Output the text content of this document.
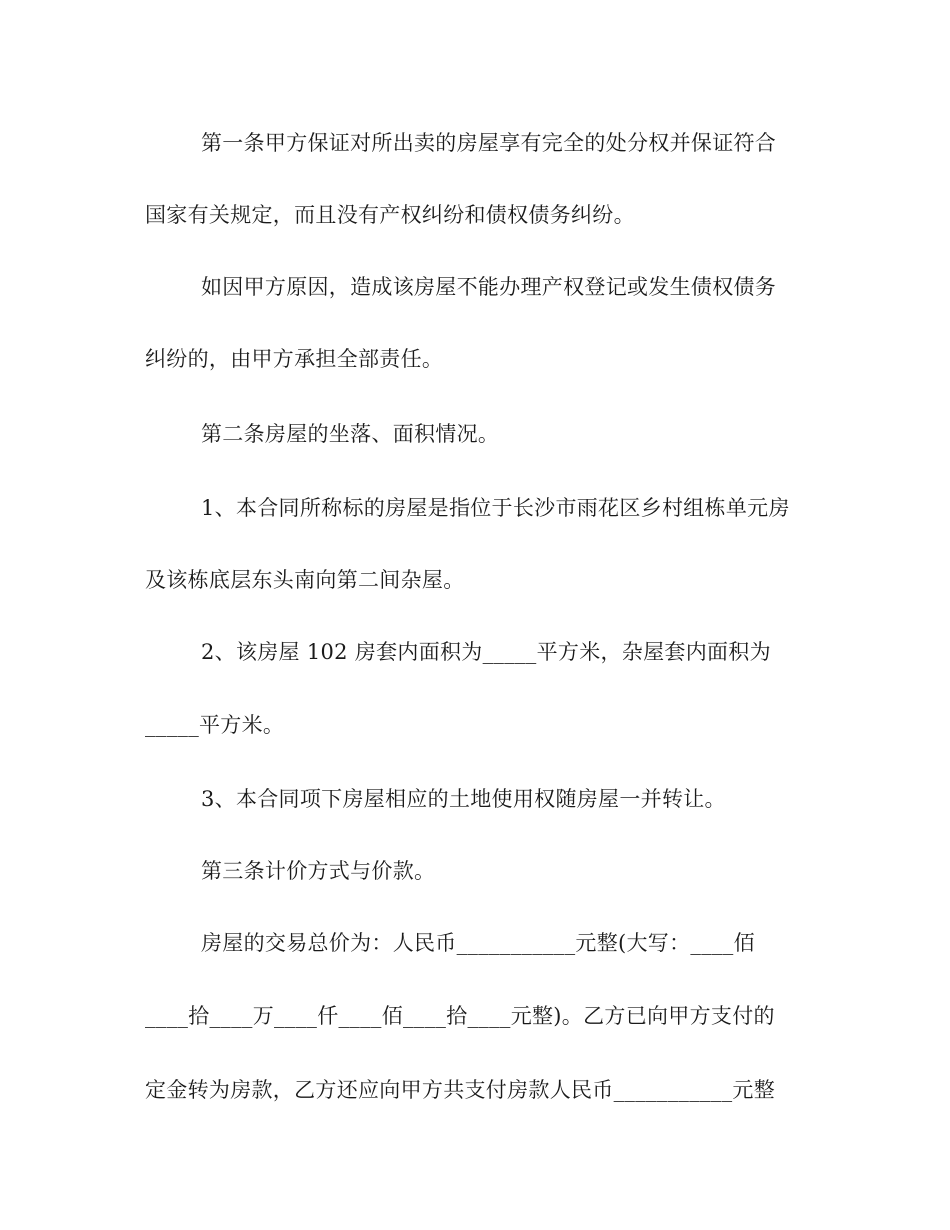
第一条甲方保证对所出卖的房屋享有完全的处分权并保证符合
国家有关规定，而且没有产权纠纷和债权债务纠纷。
如因甲方原因，造成该房屋不能办理产权登记或发生债权债务
纠纷的，由甲方承担全部责任。
第二条房屋的坐落、面积情况。
1、本合同所称标的房屋是指位于长沙市雨花区乡村组栋单元房
及该栋底层东头南向第二间杂屋。
2、该房屋 102 房套内面积为_____平方米，杂屋套内面积为
_____平方米。
3、本合同项下房屋相应的土地使用权随房屋一并转让。
第三条计价方式与价款。
房屋的交易总价为：人民币___________元整(大写：____佰
____拾____万____仟____佰____拾____元整)。乙方已向甲方支付的
定金转为房款，乙方还应向甲方共支付房款人民币___________元整
